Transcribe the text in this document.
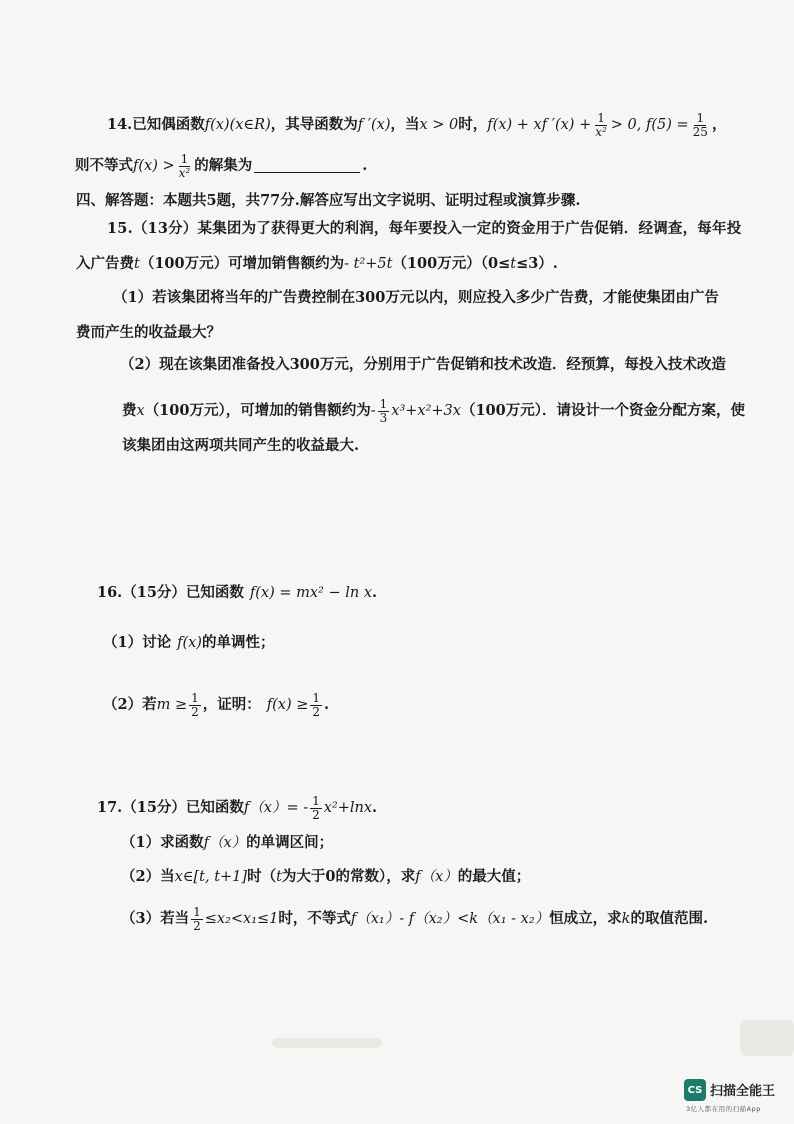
14.已知偶函数 f(x)(x∈R) ，其导函数为 f ′(x) ，当 x > 0 时， f(x) + xf $'(x) + \frac{1}{\text{x²}} > 0$, $f(5) = \frac{1}{25}$ ，
则不等式 $f(x) > \frac{1}{\text{x²}}$ 的解集为	.
四、解答题：本题共5题，共77分.解答应写出文字说明、证明过程或演算步骤.
15.（13分）某集团为了获得更大的利润，每年要投入一定的资金用于广告促销．经调查，每年投
入广告费 t （100万元）可增加销售额约为 - t²+5t （100万元）（0≤ t ≤3）.
（1）若该集团将当年的广告费控制在300万元以内，则应投入多少广告费，才能使集团由广告
费而产生的收益最大？
（2）现在该集团准备投入300万元，分别用于广告促销和技术改造．经预算，每投入技术改造
费 x （100万元），可增加的销售额约为 - $\frac{1}{3} x^3+x^2+3x$ （100万元）．请设计一个资金分配方案，使
该集团由这两项共同产生的收益最大.
16.（15分）已知函数 f(x) = mx² − ln x .
（1）讨论 f(x) 的单调性；
（2）若 $m \ge \frac{1}{2}$ ，证明： $f(x) \ge \frac{1}{2}$ .
17.（15分）已知函数 $f(x)= - \frac{1}{2} x^2+\ln x$ .
（1）求函数 f（x） 的单调区间；
（2）当 x∈[t, t+1] 时（ t 为大于0的常数），求 f（x） 的最大值；
（3）若当 $\frac{1}{2} \le x_2<x_1\le 1$ 时，不等式 f（x₁）- f（x₂）<k（x₁ - x₂） 恒成立，求 k 的取值范围.
CS 扫描全能王
3亿人都在用的扫描App
